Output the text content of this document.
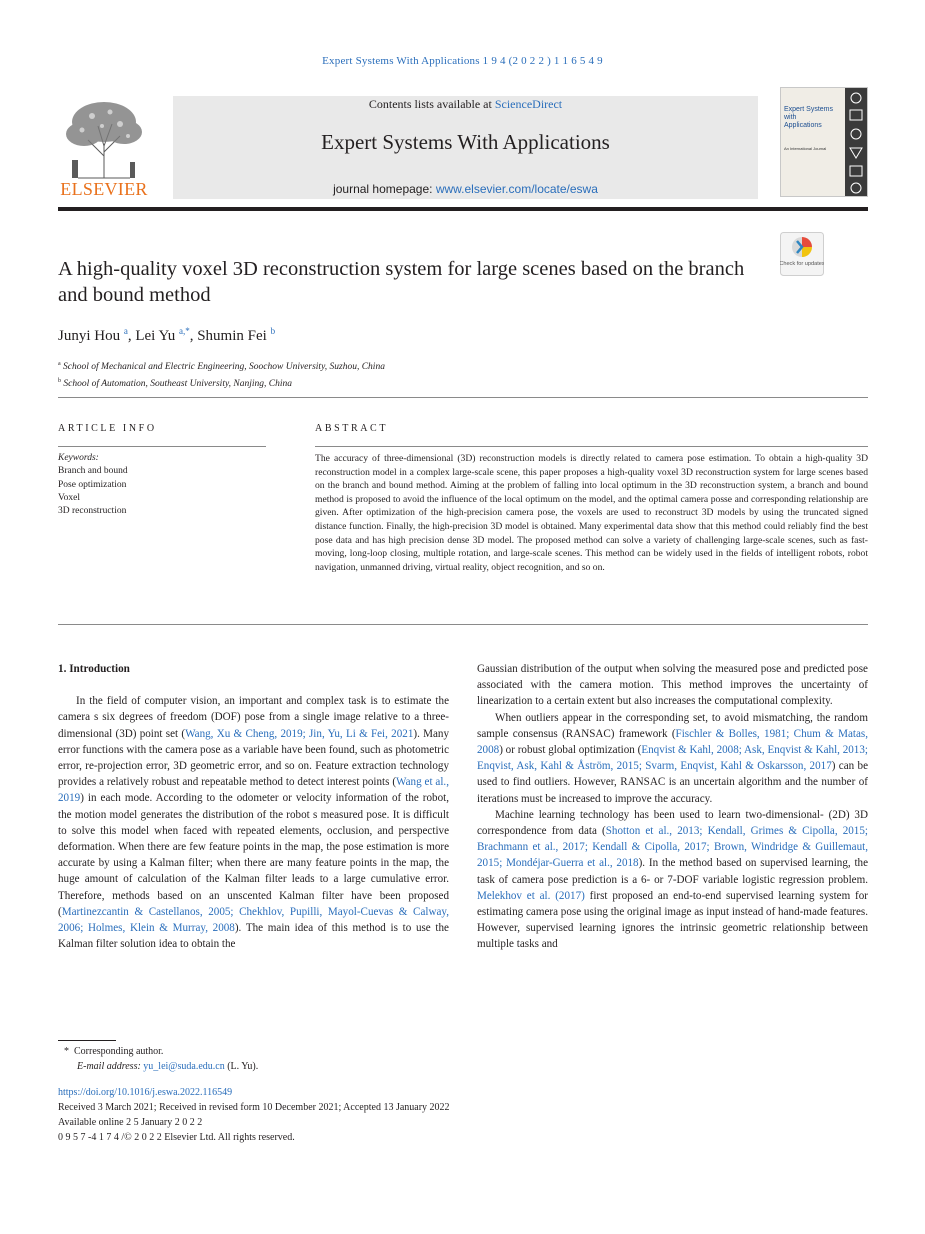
Expert Systems With Applications 1 9 4 (2 0 2 2 ) 1 1 6 5 4 9
ELSEVIER
Contents lists available at ScienceDirect
Expert Systems With Applications
journal homepage: www.elsevier.com/locate/eswa
Expert Systems with Applications
An International Journal
Check for updates
A high-quality voxel 3D reconstruction system for large scenes based on the branch and bound method
Junyi Hou $^a$, Lei Yu $^{a,*}$, Shumin Fei $^b$
$^a$ School of Mechanical and Electric Engineering, Soochow University, Suzhou, China
$^b$ School of Automation, Southeast University, Nanjing, China
ARTICLE INFO
Keywords:
Branch and bound
Pose optimization
Voxel
3D reconstruction
ABSTRACT
The accuracy of three-dimensional (3D) reconstruction models is directly related to camera pose estimation. To obtain a high-quality 3D reconstruction model in a complex large-scale scene, this paper proposes a high-quality voxel 3D reconstruction system for large scenes based on the branch and bound method. Aiming at the problem of falling into local optimum in the 3D reconstruction system, a branch and bound method is proposed to avoid the influence of the local optimum on the model, and the optimal camera posse and corresponding relationship are given. After optimization of the high-precision camera pose, the voxels are used to reconstruct 3D models by using the truncated signed distance function. Finally, the high-precision 3D model is obtained. Many experimental data show that this method could reliably find the best pose data and has high precision dense 3D model. The proposed method can solve a variety of challenging large-scale scenes, such as fast-moving, long-loop closing, multiple rotation, and large-scale scenes. This method can be widely used in the fields of intelligent robots, robot navigation, unmanned driving, virtual reality, object recognition, and so on.

1. Introduction

In the field of computer vision, an important and complex task is to estimate the camera s six degrees of freedom (DOF) pose from a single image relative to a three-dimensional (3D) point set (Wang, Xu & Cheng, 2019; Jin, Yu, Li & Fei, 2021). Many error functions with the camera pose as a variable have been found, such as photometric error, re-projection error, 3D geometric error, and so on. Feature extraction technology provides a relatively robust and repeatable method to detect interest points (Wang et al., 2019) in each mode. According to the odometer or velocity information of the robot, the motion model generates the distribution of the robot s measured pose. It is difficult to solve this model when faced with repeated elements, occlusion, and perspective deformation. When there are few feature points in the map, the pose estimation is more accurate by using a Kalman filter; when there are many feature points in the map, the huge amount of calculation of the Kalman filter leads to a large cumulative error. Therefore, methods based on an unscented Kalman filter have been proposed (Martinezcantin & Castellanos, 2005; Chekhlov, Pupilli, Mayol-Cuevas & Calway, 2006; Holmes, Klein & Murray, 2008). The main idea of this method is to use the Kalman filter solution idea to obtain the

Gaussian distribution of the output when solving the measured pose and predicted pose associated with the camera motion. This method improves the uncertainty of linearization to a certain extent but also increases the computational complexity.

When outliers appear in the corresponding set, to avoid mismatching, the random sample consensus (RANSAC) framework (Fischler & Bolles, 1981; Chum & Matas, 2008) or robust global optimization (Enqvist & Kahl, 2008; Ask, Enqvist & Kahl, 2013; Enqvist, Ask, Kahl & Åström, 2015; Svarm, Enqvist, Kahl & Oskarsson, 2017) can be used to find outliers. However, RANSAC is an uncertain algorithm and the number of iterations must be increased to improve the accuracy.

Machine learning technology has been used to learn two-dimensional- (2D) 3D correspondence from data (Shotton et al., 2013; Kendall, Grimes & Cipolla, 2015; Brachmann et al., 2017; Kendall & Cipolla, 2017; Brown, Windridge & Guillemaut, 2015; Mondéjar-Guerra et al., 2018). In the method based on supervised learning, the task of camera pose prediction is a 6- or 7-DOF variable logistic regression problem. Melekhov et al. (2017) first proposed an end-to-end supervised learning system for estimating camera pose using the original image as input instead of hand-made features. However, supervised learning ignores the intrinsic geometric relationship between multiple tasks and

* Corresponding author.
E-mail address: yu_lei@suda.edu.cn (L. Yu).
https://doi.org/10.1016/j.eswa.2022.116549
Received 3 March 2021; Received in revised form 10 December 2021; Accepted 13 January 2022
Available online 2 5 January 2 0 2 2
0 9 5 7 -4 1 7 4 /© 2 0 2 2 Elsevier Ltd. All rights reserved.
